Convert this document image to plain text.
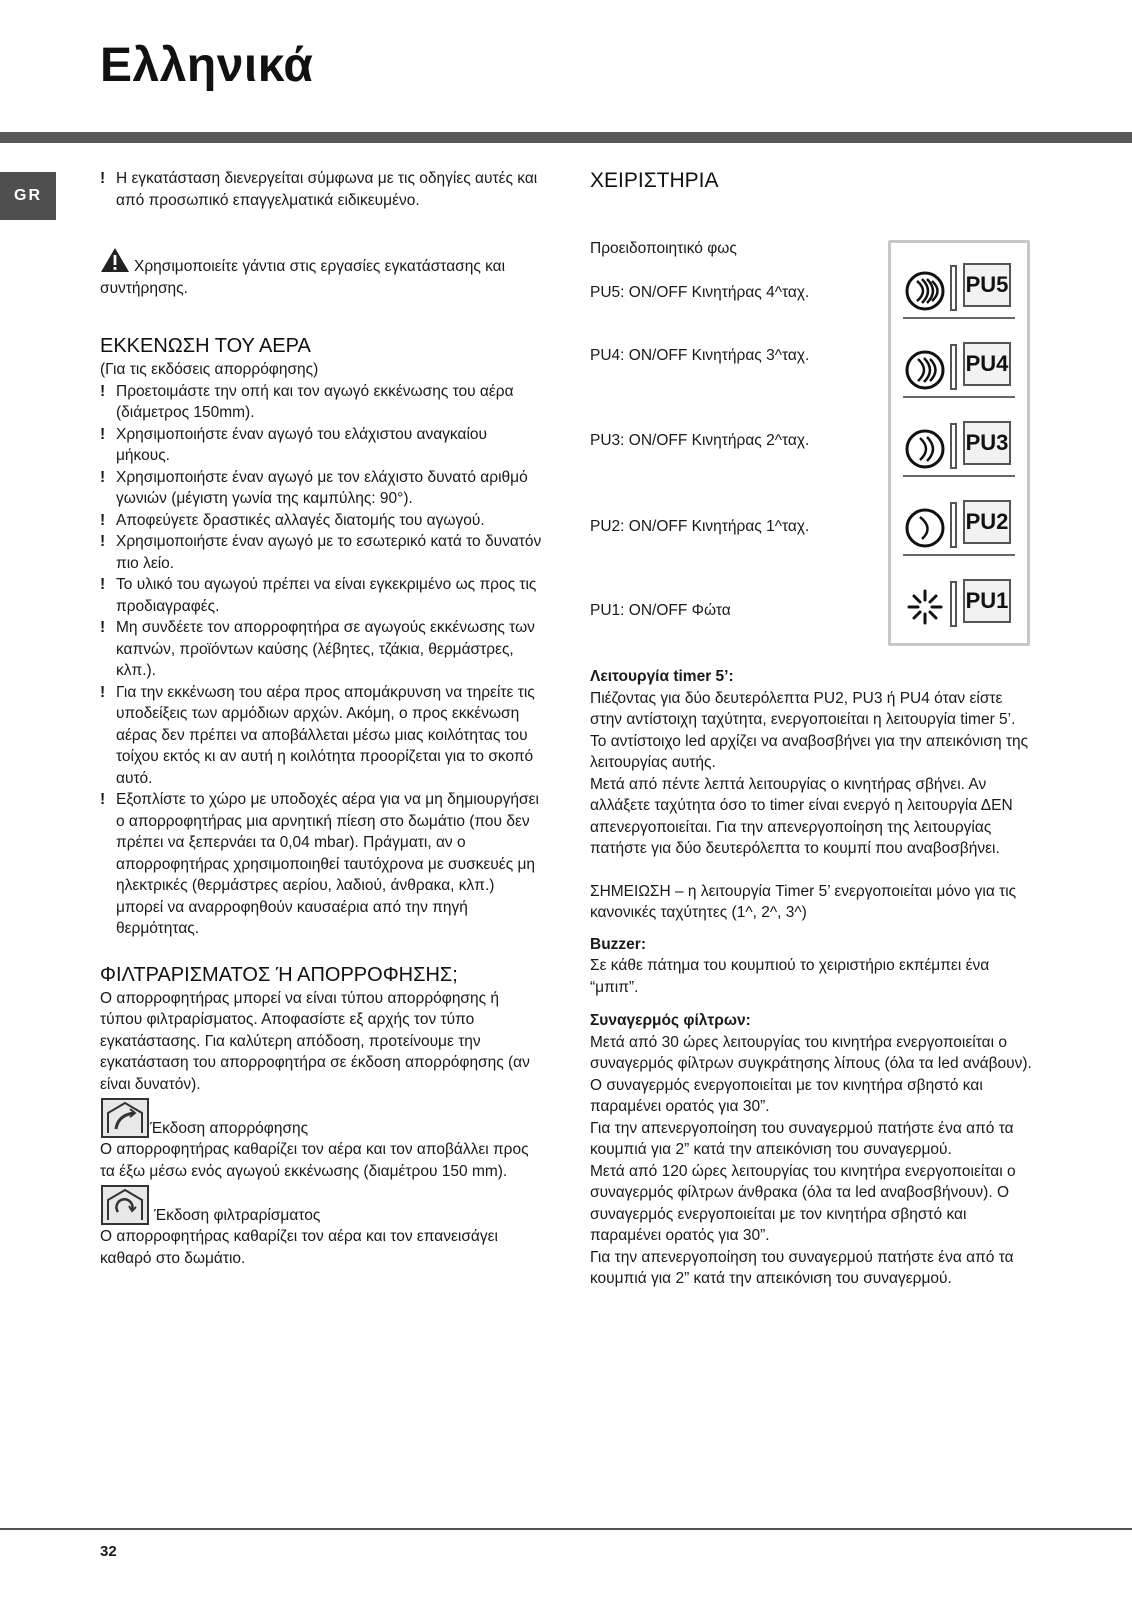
Ελληνικά
GR
! Η εγκατάσταση διενεργείται σύμφωνα με τις οδηγίες αυτές και από προσωπικό επαγγελματικά ειδικευμένο.
Χρησιμοποιείτε γάντια στις εργασίες εγκατάστασης και συντήρησης.

ΕΚΚΕΝΩΣΗ ΤΟΥ ΑΕΡΑ

(Για τις εκδόσεις απορρόφησης)

! Προετοιμάστε την οπή και τον αγωγό εκκένωσης του αέρα (διάμετρος 150mm).
! Χρησιμοποιήστε έναν αγωγό του ελάχιστου αναγκαίου μήκους.
! Χρησιμοποιήστε έναν αγωγό με τον ελάχιστο δυνατό αριθμό γωνιών (μέγιστη γωνία της καμπύλης: 90°).
! Αποφεύγετε δραστικές αλλαγές διατομής του αγωγού.
! Χρησιμοποιήστε έναν αγωγό με το εσωτερικό κατά το δυνατόν πιο λείο.
! Το υλικό του αγωγού πρέπει να είναι εγκεκριμένο ως προς τις προδιαγραφές.
! Μη συνδέετε τον απορροφητήρα σε αγωγούς εκκένωσης των καπνών, προϊόντων καύσης (λέβητες, τζάκια, θερμάστρες, κλπ.).
! Για την εκκένωση του αέρα προς απομάκρυνση να τηρείτε τις υποδείξεις των αρμόδιων αρχών. Ακόμη, ο προς εκκένωση αέρας δεν πρέπει να αποβάλλεται μέσω μιας κοιλότητας του τοίχου εκτός κι αν αυτή η κοιλότητα προορίζεται για το σκοπό αυτό.
! Εξοπλίστε το χώρο με υποδοχές αέρα για να μη δημιουργήσει ο απορροφητήρας μια αρνητική πίεση στο δωμάτιο (που δεν πρέπει να ξεπερνάει τα 0,04 mbar). Πράγματι, αν ο απορροφητήρας χρησιμοποιηθεί ταυτόχρονα με συσκευές μη ηλεκτρικές (θερμάστρες αερίου, λαδιού, άνθρακα, κλπ.) μπορεί να αναρροφηθούν καυσαέρια από την πηγή θερμότητας.

ΦΙΛΤΡΑΡΙΣΜΑΤΟΣ Ή ΑΠΟΡΡΟΦΗΣΗΣ;

Ο απορροφητήρας μπορεί να είναι τύπου απορρόφησης ή τύπου φιλτραρίσματος. Αποφασίστε εξ αρχής τον τύπο εγκατάστασης. Για καλύτερη απόδοση, προτείνουμε την εγκατάσταση του απορροφητήρα σε έκδοση απορρόφησης (αν είναι δυνατόν).

Έκδοση απορρόφησης

Ο απορροφητήρας καθαρίζει τον αέρα και τον αποβάλλει προς τα έξω μέσω ενός αγωγού εκκένωσης (διαμέτρου 150 mm).

Έκδοση φιλτραρίσματος

Ο απορροφητήρας καθαρίζει τον αέρα και τον επανεισάγει καθαρό στο δωμάτιο.

ΧΕΙΡΙΣΤΗΡΙΑ

Προειδοποιητικό φως
PU5: ON/OFF Κινητήρας 4^ταχ.
PU4: ON/OFF Κινητήρας 3^ταχ.
PU3: ON/OFF Κινητήρας 2^ταχ.
PU2: ON/OFF Κινητήρας 1^ταχ.
PU1: ON/OFF Φώτα
PU5
PU4
PU3
PU2
PU1

Λειτουργία timer 5’:

Πιέζοντας για δύο δευτερόλεπτα PU2, PU3 ή PU4 όταν είστε στην αντίστοιχη ταχύτητα, ενεργοποιείται η λειτουργία timer 5’. Το αντίστοιχο led αρχίζει να αναβοσβήνει για την απεικόνιση της λειτουργίας αυτής.

Μετά από πέντε λεπτά λειτουργίας ο κινητήρας σβήνει. Αν αλλάξετε ταχύτητα όσο το timer είναι ενεργό η λειτουργία ΔΕΝ απενεργοποιείται. Για την απενεργοποίηση της λειτουργίας πατήστε για δύο δευτερόλεπτα το κουμπί που αναβοσβήνει.

ΣΗΜΕΙΩΣΗ – η λειτουργία Timer 5’ ενεργοποιείται μόνο για τις κανονικές ταχύτητες (1^, 2^, 3^)

Buzzer:

Σε κάθε πάτημα του κουμπιού το χειριστήριο εκπέμπει ένα “μπιπ”.

Συναγερμός φίλτρων:

Μετά από 30 ώρες λειτουργίας του κινητήρα ενεργοποιείται ο συναγερμός φίλτρων συγκράτησης λίπους (όλα τα led ανάβουν). Ο συναγερμός ενεργοποιείται με τον κινητήρα σβηστό και παραμένει ορατός για 30”.

Για την απενεργοποίηση του συναγερμού πατήστε ένα από τα κουμπιά για 2” κατά την απεικόνιση του συναγερμού.

Μετά από 120 ώρες λειτουργίας του κινητήρα ενεργοποιείται ο συναγερμός φίλτρων άνθρακα (όλα τα led αναβοσβήνουν). Ο συναγερμός ενεργοποιείται με τον κινητήρα σβηστό και παραμένει ορατός για 30”.

Για την απενεργοποίηση του συναγερμού πατήστε ένα από τα κουμπιά για 2” κατά την απεικόνιση του συναγερμού.

32
